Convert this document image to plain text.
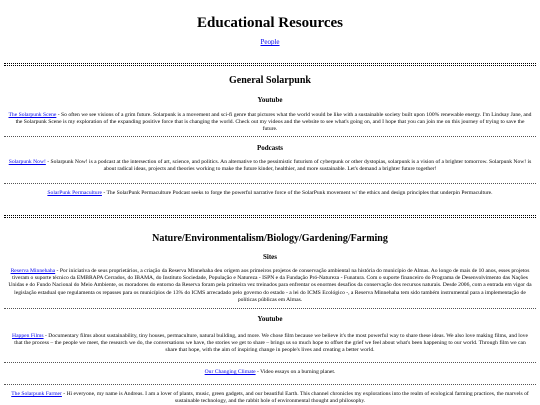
Educational Resources
People
General Solarpunk
Youtube
The Solarpunk Scene - So often we see visions of a grim future. Solarpunk is a movement and sci-fi genre that pictures what the world would be like with a sustainable society built upon 100% renewable energy. I'm Lindsay Jane, and the Solarpunk Scene is my exploration of the expanding positive force that is changing the world. Check out my videos and the website to see what's going on, and I hope that you can join me on this journey of trying to save the future.
Podcasts
Solarpunk Now! - Solarpunk Now! is a podcast at the intersection of art, science, and politics. An alternative to the pessimistic futurism of cyberpunk or other dystopias, solarpunk is a vision of a brighter tomorrow. Solarpunk Now! is about radical ideas, projects and theories working to make the future kinder, healthier, and more sustainable. Let's demand a brighter future together!
SolarPunk Permaculture - The SolarPunk Permaculture Podcast seeks to forge the powerful narrative force of the SolarPunk movement w/ the ethics and design principles that underpin Permaculture.
Nature/Environmentalism/Biology/Gardening/Farming
Sites
Reserva Minnehaha - Por iniciativa de seus proprietários, a criação da Reserva Minnehaha deu origem aos primeiros projetos de conservação ambiental na história do município de Almas. Ao longo de mais de 10 anos, esses projetos tiveram o suporte técnico da EMBRAPA Cerrados, do IBAMA, do Instituto Sociedade, População e Natureza - ISPN e da Fundação Pró-Natureza - Funatura. Com o suporte financeiro do Programa de Desenvolvimento das Nações Unidas e do Fundo Nacional do Meio Ambiente, os moradores do entorno da Reserva foram pela primeira vez treinados para enfrentar os enormes desafios da conservação dos recursos naturais. Desde 2006, com a entrada em vigor da legislação estadual que regulamenta os repasses para os municípios de 13% do ICMS arrecadado pelo governo do estado - a lei do ICMS Ecológico -, a Reserva Minnehaha tem sido também instrumental para a implementação de políticas públicas em Almas.
Youtube
Happen Films - Documentary films about sustainability, tiny houses, permaculture, natural building, and more. We chose film because we believe it's the most powerful way to share these ideas. We also love making films, and love that the process – the people we meet, the research we do, the conversations we have, the stories we get to share – brings us so much hope to offset the grief we feel about what's been happening to our world. Through film we can share that hope, with the aim of inspiring change in people's lives and creating a better world.
Our Changing Climate - Video essays on a burning planet.
The Solarpunk Farmer - Hi everyone, my name is Andreas. I am a lover of plants, music, green gadgets, and our beautiful Earth. This channel chronicles my explorations into the realm of ecological farming practices, the marvels of sustainable technology, and the rabbit hole of environmental thought and philosophy.
